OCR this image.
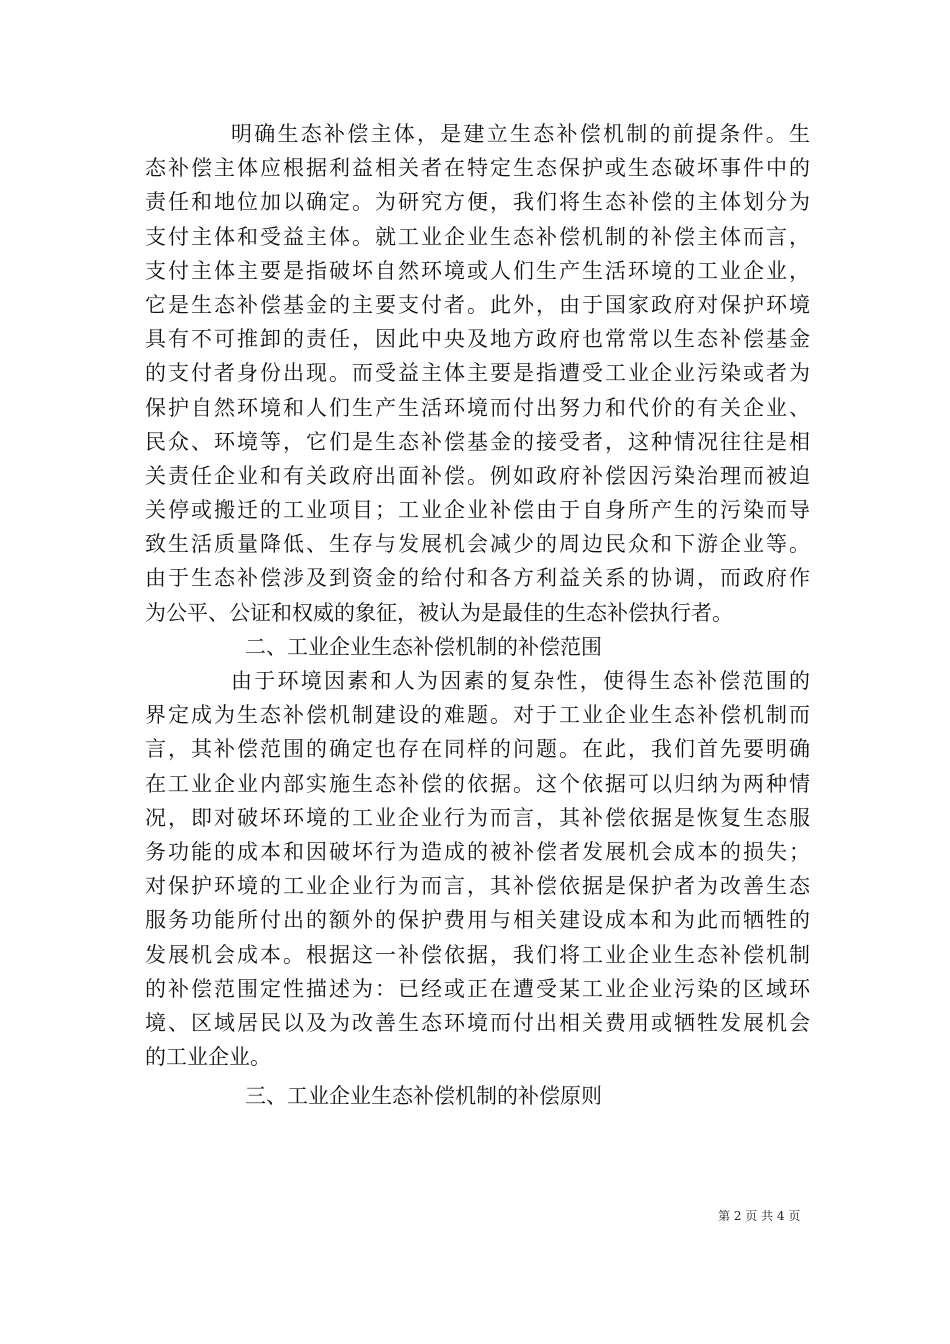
明确生态补偿主体，是建立生态补偿机制的前提条件。生
态补偿主体应根据利益相关者在特定生态保护或生态破坏事件中的
责任和地位加以确定。为研究方便，我们将生态补偿的主体划分为
支付主体和受益主体。就工业企业生态补偿机制的补偿主体而言，
支付主体主要是指破坏自然环境或人们生产生活环境的工业企业，
它是生态补偿基金的主要支付者。此外，由于国家政府对保护环境
具有不可推卸的责任，因此中央及地方政府也常常以生态补偿基金
的支付者身份出现。而受益主体主要是指遭受工业企业污染或者为
保护自然环境和人们生产生活环境而付出努力和代价的有关企业、
民众、环境等，它们是生态补偿基金的接受者，这种情况往往是相
关责任企业和有关政府出面补偿。例如政府补偿因污染治理而被迫
关停或搬迁的工业项目；工业企业补偿由于自身所产生的污染而导
致生活质量降低、生存与发展机会减少的周边民众和下游企业等。
由于生态补偿涉及到资金的给付和各方利益关系的协调，而政府作
为公平、公证和权威的象征，被认为是最佳的生态补偿执行者。
二、工业企业生态补偿机制的补偿范围
由于环境因素和人为因素的复杂性，使得生态补偿范围的
界定成为生态补偿机制建设的难题。对于工业企业生态补偿机制而
言，其补偿范围的确定也存在同样的问题。在此，我们首先要明确
在工业企业内部实施生态补偿的依据。这个依据可以归纳为两种情
况，即对破坏环境的工业企业行为而言，其补偿依据是恢复生态服
务功能的成本和因破坏行为造成的被补偿者发展机会成本的损失；
对保护环境的工业企业行为而言，其补偿依据是保护者为改善生态
服务功能所付出的额外的保护费用与相关建设成本和为此而牺牲的
发展机会成本。根据这一补偿依据，我们将工业企业生态补偿机制
的补偿范围定性描述为：已经或正在遭受某工业企业污染的区域环
境、区域居民以及为改善生态环境而付出相关费用或牺牲发展机会
的工业企业。
三、工业企业生态补偿机制的补偿原则
第 2 页 共 4 页
